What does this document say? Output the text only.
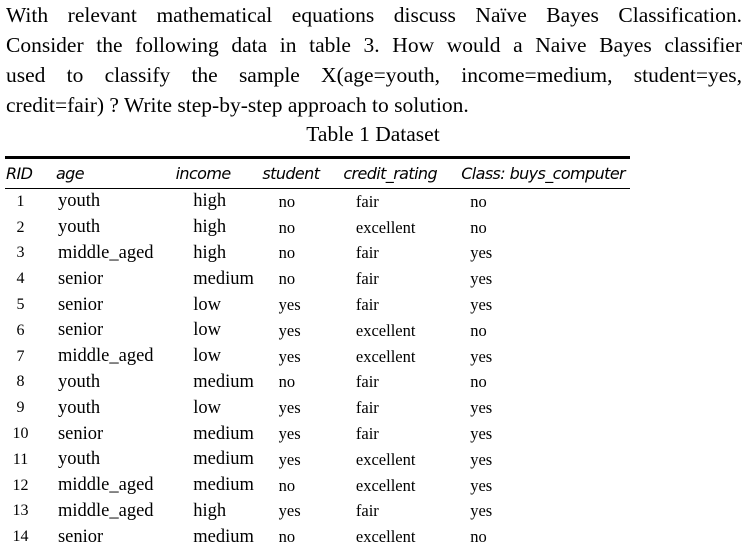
With relevant mathematical equations discuss Naïve Bayes Classification.
Consider the following data in table 3. How would a Naive Bayes classifier
used to classify the sample X(age=youth, income=medium, student=yes,
credit=fair) ? Write step-by-step approach to solution.
Table 1 Dataset
RID	age	income	student	credit_rating	Class: buys_computer
1	youth	high	no	fair	no
2	youth	high	no	excellent	no
3	middle_aged	high	no	fair	yes
4	senior	medium	no	fair	yes
5	senior	low	yes	fair	yes
6	senior	low	yes	excellent	no
7	middle_aged	low	yes	excellent	yes
8	youth	medium	no	fair	no
9	youth	low	yes	fair	yes
10	senior	medium	yes	fair	yes
11	youth	medium	yes	excellent	yes
12	middle_aged	medium	no	excellent	yes
13	middle_aged	high	yes	fair	yes
14	senior	medium	no	excellent	no
